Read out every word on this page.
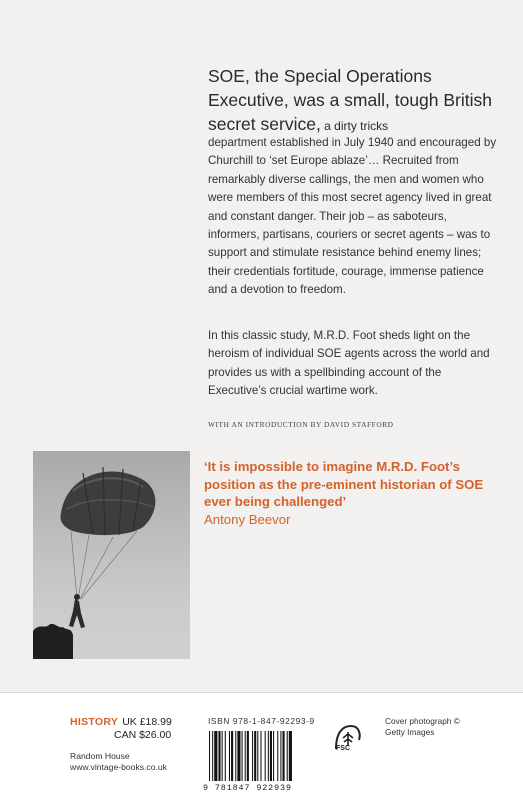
SOE, the Special Operations Executive, was a small, tough British secret service, a dirty tricks
department established in July 1940 and encouraged by Churchill to ‘set Europe ablaze’… Recruited from remarkably diverse callings, the men and women who were members of this most secret agency lived in great and constant danger. Their job – as saboteurs, informers, partisans, couriers or secret agents – was to support and stimulate resistance behind enemy lines; their credentials fortitude, courage, immense patience and a devotion to freedom.
In this classic study, M.R.D. Foot sheds light on the heroism of individual SOE agents across the world and provides us with a spellbinding account of the Executive’s crucial wartime work.
WITH AN INTRODUCTION BY DAVID STAFFORD
‘It is impossible to imagine M.R.D. Foot’s position as the pre-eminent historian of SOE ever being challenged’
Antony Beevor
HISTORY UK £18.99
CAN $26.00
Random House
www.vintage-books.co.uk
ISBN 978-1-847-92293-9
9 781847 922939
FSC
Cover photograph ©
Getty Images
